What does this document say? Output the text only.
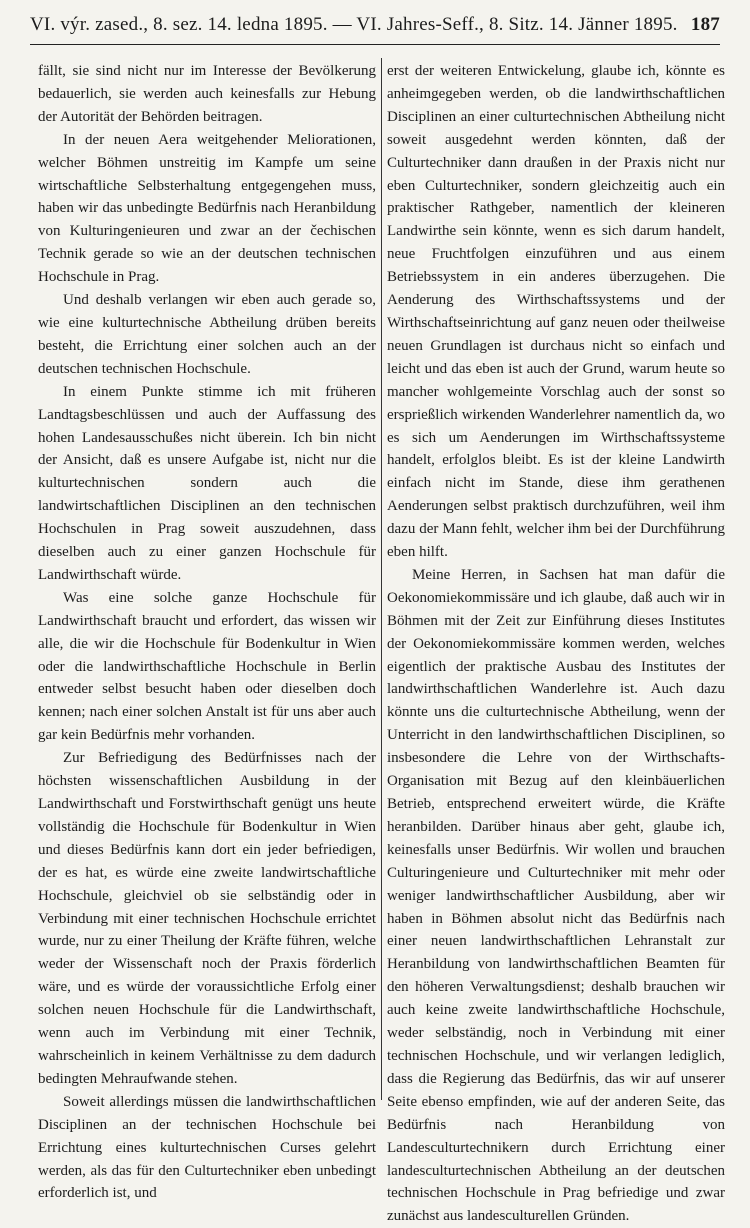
VI. výr. zased., 8. sez. 14. ledna 1895. — VI. Jahres-Seff., 8. Sitz. 14. Jänner 1895. 187

fällt, sie sind nicht nur im Interesse der Bevölkerung bedauerlich, sie werden auch keinesfalls zur Hebung der Autorität der Behörden beitragen.

In der neuen Aera weitgehender Meliorationen, welcher Böhmen unstreitig im Kampfe um seine wirtschaftliche Selbsterhaltung entgegengehen muss, haben wir das unbedingte Bedürfnis nach Heranbildung von Kulturingenieuren und zwar an der čechischen Technik gerade so wie an der deutschen technischen Hochschule in Prag.

Und deshalb verlangen wir eben auch gerade so, wie eine kulturtechnische Abtheilung drüben bereits besteht, die Errichtung einer solchen auch an der deutschen technischen Hochschule.

In einem Punkte stimme ich mit früheren Landtagsbeschlüssen und auch der Auffassung des hohen Landesausschußes nicht überein. Ich bin nicht der Ansicht, daß es unsere Aufgabe ist, nicht nur die kulturtechnischen sondern auch die landwirtschaftlichen Disciplinen an den technischen Hochschulen in Prag soweit auszudehnen, dass dieselben auch zu einer ganzen Hochschule für Landwirthschaft würde.

Was eine solche ganze Hochschule für Landwirthschaft braucht und erfordert, das wissen wir alle, die wir die Hochschule für Bodenkultur in Wien oder die landwirthschaftliche Hochschule in Berlin entweder selbst besucht haben oder dieselben doch kennen; nach einer solchen Anstalt ist für uns aber auch gar kein Bedürfnis mehr vorhanden.

Zur Befriedigung des Bedürfnisses nach der höchsten wissenschaftlichen Ausbildung in der Landwirthschaft und Forstwirthschaft genügt uns heute vollständig die Hochschule für Bodenkultur in Wien und dieses Bedürfnis kann dort ein jeder befriedigen, der es hat, es würde eine zweite landwirtschaftliche Hochschule, gleichviel ob sie selbständig oder in Verbindung mit einer technischen Hochschule errichtet wurde, nur zu einer Theilung der Kräfte führen, welche weder der Wissenschaft noch der Praxis förderlich wäre, und es würde der voraussichtliche Erfolg einer solchen neuen Hochschule für die Landwirthschaft, wenn auch im Verbindung mit einer Technik, wahrscheinlich in keinem Verhältnisse zu dem dadurch bedingten Mehraufwande stehen.

Soweit allerdings müssen die landwirthschaftlichen Disciplinen an der technischen Hochschule bei Errichtung eines kulturtechnischen Curses gelehrt werden, als das für den Culturtechniker eben unbedingt erforderlich ist, und

erst der weiteren Entwickelung, glaube ich, könnte es anheimgegeben werden, ob die landwirthschaftlichen Disciplinen an einer culturtechnischen Abtheilung nicht soweit ausgedehnt werden könnten, daß der Culturtechniker dann draußen in der Praxis nicht nur eben Culturtechniker, sondern gleichzeitig auch ein praktischer Rathgeber, namentlich der kleineren Landwirthe sein könnte, wenn es sich darum handelt, neue Fruchtfolgen einzuführen und aus einem Betriebssystem in ein anderes überzugehen. Die Aenderung des Wirthschaftssystems und der Wirthschaftseinrichtung auf ganz neuen oder theilweise neuen Grundlagen ist durchaus nicht so einfach und leicht und das eben ist auch der Grund, warum heute so mancher wohlgemeinte Vorschlag auch der sonst so ersprießlich wirkenden Wanderlehrer namentlich da, wo es sich um Aenderungen im Wirthschaftssysteme handelt, erfolglos bleibt. Es ist der kleine Landwirth einfach nicht im Stande, diese ihm gerathenen Aenderungen selbst praktisch durchzuführen, weil ihm dazu der Mann fehlt, welcher ihm bei der Durchführung eben hilft.

Meine Herren, in Sachsen hat man dafür die Oekonomiekommissäre und ich glaube, daß auch wir in Böhmen mit der Zeit zur Einführung dieses Institutes der Oekonomiekommissäre kommen werden, welches eigentlich der praktische Ausbau des Institutes der landwirthschaftlichen Wanderlehre ist. Auch dazu könnte uns die culturtechnische Abtheilung, wenn der Unterricht in den landwirthschaftlichen Disciplinen, so insbesondere die Lehre von der Wirthschafts-Organisation mit Bezug auf den kleinbäuerlichen Betrieb, entsprechend erweitert würde, die Kräfte heranbilden. Darüber hinaus aber geht, glaube ich, keinesfalls unser Bedürfnis. Wir wollen und brauchen Culturingenieure und Culturtechniker mit mehr oder weniger landwirthschaftlicher Ausbildung, aber wir haben in Böhmen absolut nicht das Bedürfnis nach einer neuen landwirthschaftlichen Lehranstalt zur Heranbildung von landwirthschaftlichen Beamten für den höheren Verwaltungsdienst; deshalb brauchen wir auch keine zweite landwirthschaftliche Hochschule, weder selbständig, noch in Verbindung mit einer technischen Hochschule, und wir verlangen lediglich, dass die Regierung das Bedürfnis, das wir auf unserer Seite ebenso empfinden, wie auf der anderen Seite, das Bedürfnis nach Heranbildung von Landesculturtechnikern durch Errichtung einer landesculturtechnischen Abtheilung an der deutschen technischen Hochschule in Prag befriedige und zwar zunächst aus landesculturellen Gründen.
